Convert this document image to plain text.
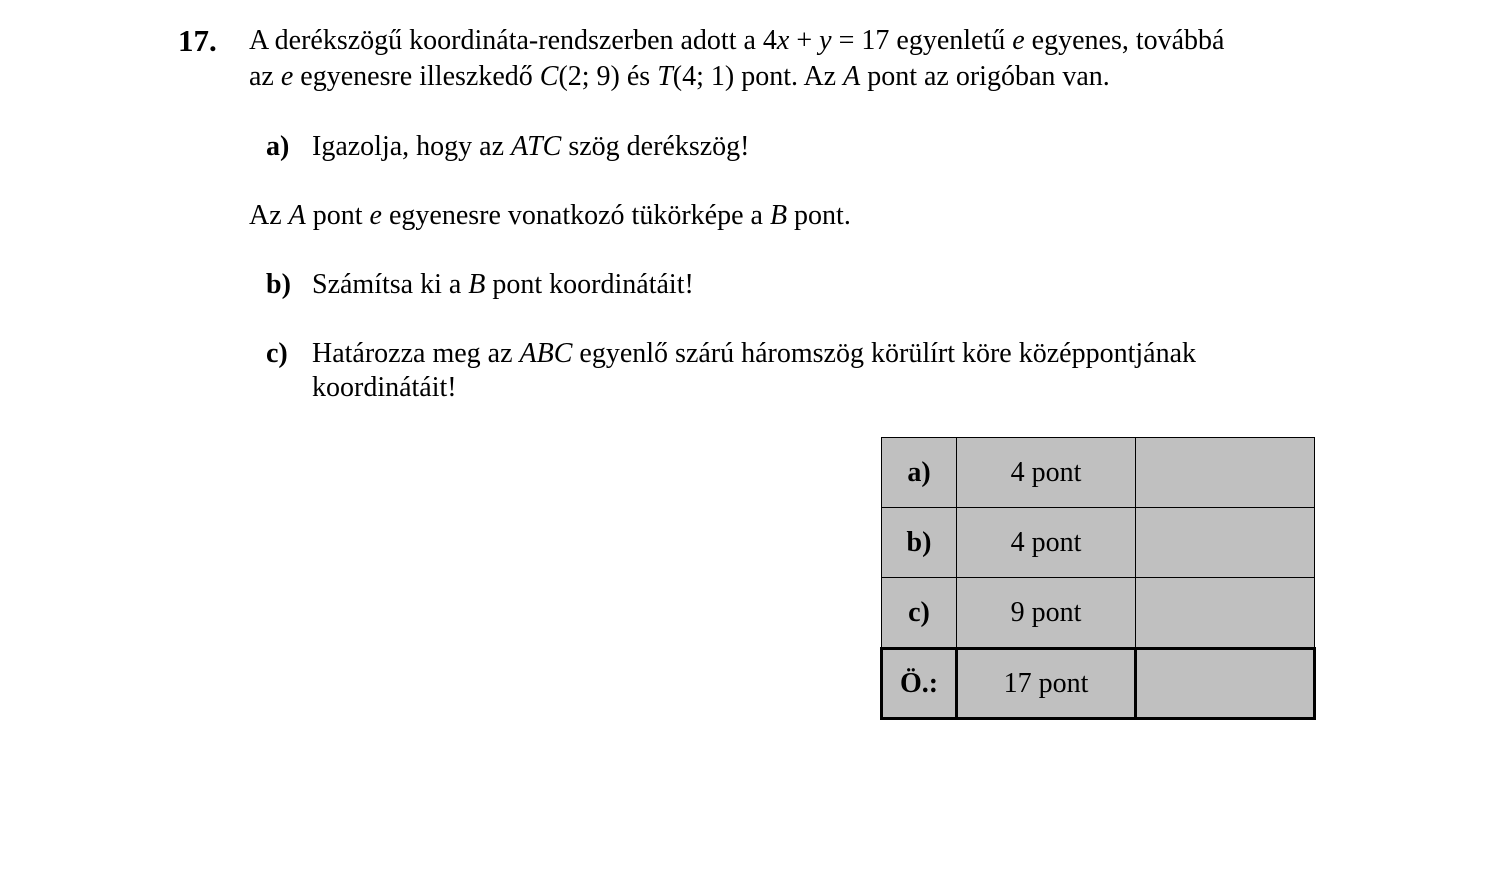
17. A derékszögű koordináta-rendszerben adott a 4x + y = 17 egyenletű e egyenes, továbbá
az e egyenesre illeszkedő C(2; 9) és T(4; 1) pont. Az A pont az origóban van.
a) Igazolja, hogy az ATC szög derékszög!
Az A pont e egyenesre vonatkozó tükörképe a B pont.
b) Számítsa ki a B pont koordinátáit!
c) Határozza meg az ABC egyenlő szárú háromszög körülírt köre középpontjának
koordinátáit!
a)	4 pont	
b)	4 pont	
c)	9 pont	
Ö.:	17 pont	
